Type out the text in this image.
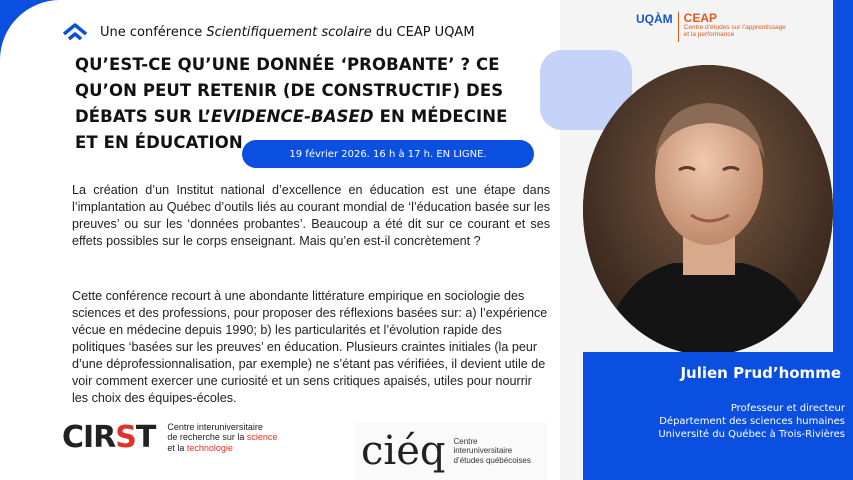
Une conférence Scientifiquement scolaire du CEAP UQAM
QU’EST-CE QU’UNE DONNÉE ‘PROBANTE’ ? CE QU’ON PEUT RETENIR (DE CONSTRUCTIF) DES DÉBATS SUR L’EVIDENCE-BASED EN MÉDECINE ET EN ÉDUCATION
19 février 2026. 16 h à 17 h. EN LIGNE.
La création d’un Institut national d’excellence en éducation est une étape dans l’implantation au Québec d’outils liés au courant mondial de ‘l’éducation basée sur les preuves’ ou sur les ‘données probantes’. Beaucoup a été dit sur ce courant et ses effets possibles sur le corps enseignant. Mais qu’en est-il concrètement ?
Cette conférence recourt à une abondante littérature empirique en sociologie des sciences et des professions, pour proposer des réflexions basées sur: a) l’expérience vécue en médecine depuis 1990; b) les particularités et l’évolution rapide des politiques ‘basées sur les preuves’ en éducation. Plusieurs craintes initiales (la peur d’une déprofessionnalisation, par exemple) ne s’étant pas vérifiées, il devient utile de voir comment exercer une curiosité et un sens critiques apaisés, utiles pour nourrir les choix des équipes-écoles.
CIRST Centre interuniversitaire
de recherche sur la science
et la technologie	ciéq Centre
interuniversitaire
d’études québécoises
UQÀM CEAP
Centre d’études sur l’apprentissage
et la performance
Julien Prud’homme
Professeur et directeur
Département des sciences humaines
Université du Québec à Trois-Rivières
